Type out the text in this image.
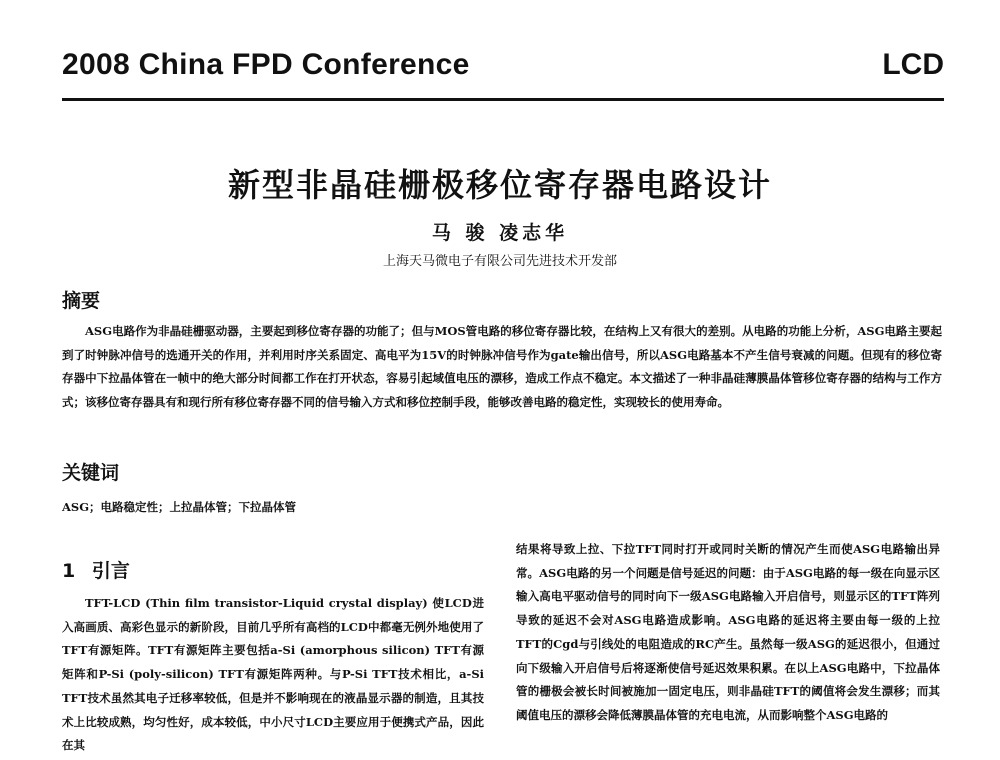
2008 China FPD Conference	LCD
新型非晶硅栅极移位寄存器电路设计
马 骏 凌志华
上海天马微电子有限公司先进技术开发部
摘要
ASG电路作为非晶硅栅驱动器，主要起到移位寄存器的功能了；但与MOS管电路的移位寄存器比较，在结构上又有很大的差别。从电路的功能上分析，ASG电路主要起到了时钟脉冲信号的选通开关的作用，并利用时序关系固定、高电平为15V的时钟脉冲信号作为gate输出信号，所以ASG电路基本不产生信号衰减的问题。但现有的移位寄存器中下拉晶体管在一帧中的绝大部分时间都工作在打开状态，容易引起域值电压的漂移，造成工作点不稳定。本文描述了一种非晶硅薄膜晶体管移位寄存器的结构与工作方式；该移位寄存器具有和现行所有移位寄存器不同的信号输入方式和移位控制手段，能够改善电路的稳定性，实现较长的使用寿命。
关键词
ASG；电路稳定性；上拉晶体管；下拉晶体管
1 引言
TFT-LCD (Thin film transistor-Liquid crystal display) 使LCD进入高画质、高彩色显示的新阶段，目前几乎所有高档的LCD中都毫无例外地使用了TFT有源矩阵。TFT有源矩阵主要包括a-Si (amorphous silicon) TFT有源矩阵和P-Si (poly-silicon) TFT有源矩阵两种。与P-Si TFT技术相比，a-Si TFT技术虽然其电子迁移率较低，但是并不影响现在的液晶显示器的制造，且其技术上比较成熟，均匀性好，成本较低，中小尺寸LCD主要应用于便携式产品，因此在其
结果将导致上拉、下拉TFT同时打开或同时关断的情况产生而使ASG电路输出异常。ASG电路的另一个问题是信号延迟的问题：由于ASG电路的每一级在向显示区输入高电平驱动信号的同时向下一级ASG电路输入开启信号，则显示区的TFT阵列导致的延迟不会对ASG电路造成影响。ASG电路的延迟将主要由每一级的上拉TFT的Cgd与引线处的电阻造成的RC产生。虽然每一级ASG的延迟很小，但通过向下级输入开启信号后将逐渐使信号延迟效果积累。在以上ASG电路中，下拉晶体管的栅极会被长时间被施加一固定电压，则非晶硅TFT的阈值将会发生漂移；而其阈值电压的漂移会降低薄膜晶体管的充电电流，从而影响整个ASG电路的
